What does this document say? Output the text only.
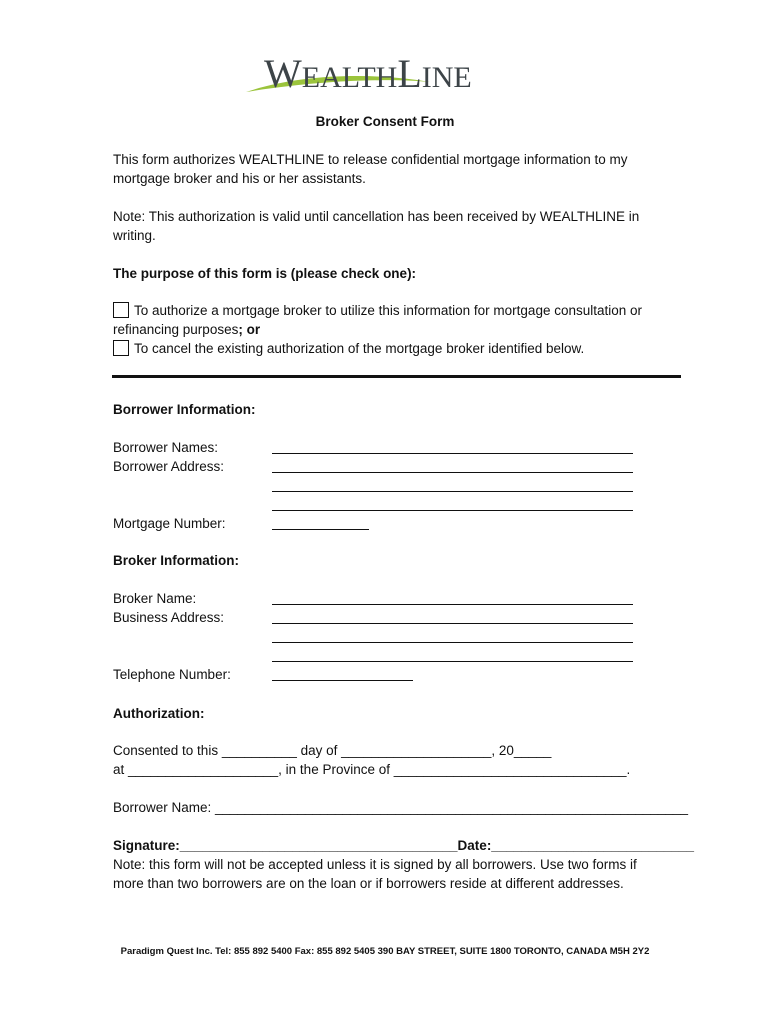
WEALTHLINE
Broker Consent Form
This form authorizes WEALTHLINE to release confidential mortgage information to my
mortgage broker and his or her assistants.
Note: This authorization is valid until cancellation has been received by WEALTHLINE in
writing.
The purpose of this form is (please check one):
To authorize a mortgage broker to utilize this information for mortgage consultation or
refinancing purposes; or
To cancel the existing authorization of the mortgage broker identified below.
Borrower Information:
Borrower Names:
Borrower Address:
Mortgage Number:
Broker Information:
Broker Name:
Business Address:
Telephone Number:
Authorization:
Consented to this __________ day of ____________________, 20_____
at ____________________, in the Province of _______________________________.
Borrower Name: _______________________________________________________________
Signature:_____________________________________Date:___________________________
Note: this form will not be accepted unless it is signed by all borrowers. Use two forms if
more than two borrowers are on the loan or if borrowers reside at different addresses.
Paradigm Quest Inc. Tel: 855 892 5400 Fax: 855 892 5405 390 BAY STREET, SUITE 1800 TORONTO, CANADA M5H 2Y2
